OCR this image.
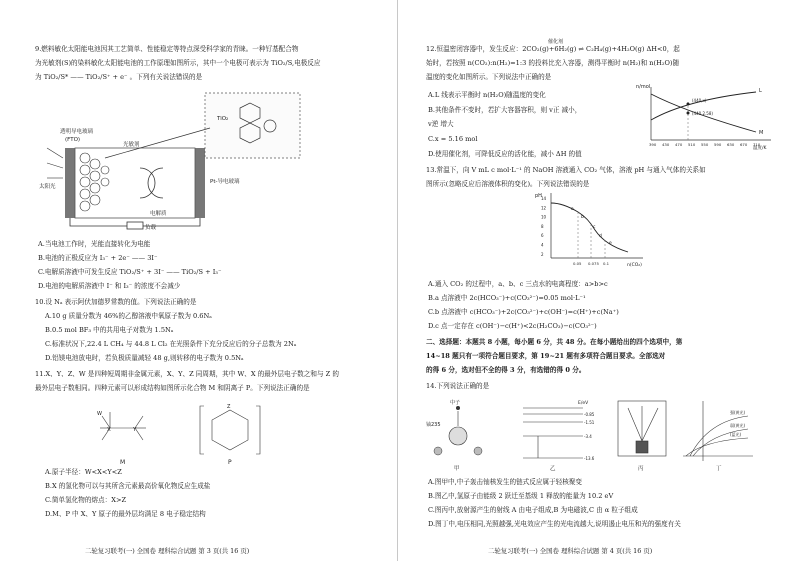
9.燃料敏化太阳能电池因其工艺简单、性能稳定等特点深受科学家的青睐。一种钌基配合物
为光敏剂(S)的染料敏化太阳能电池的工作原理如图所示，其中一个电极可表示为 TiO₂/S,电极反应
为 TiO₂/S* —— TiO₂/S⁺ + e⁻ 。下列有关说法错误的是
透明导电玻璃
(FTO)
光敏剂
太阳光
TiO₂
电解质
Pt-导电玻璃
负载
A.当电池工作时，光能直接转化为电能
B.电池的正极反应为 I₃⁻ + 2e⁻ —— 3I⁻
C.电解质溶液中可发生反应 TiO₂/S⁺ + 3I⁻ —— TiO₂/S + I₃⁻
D.电池的电解质溶液中 I⁻ 和 I₃⁻ 的浓度不会减少
10.设 Nₐ 表示阿伏加德罗常数的值。下列说法正确的是
A.10 g 质量分数为 46%的乙醇溶液中氧原子数为 0.6Nₐ
B.0.5 mol BF₃ 中的共用电子对数为 1.5Nₐ
C.标准状况下,22.4 L CH₄ 与 44.8 L Cl₂ 在光照条件下充分反应后的分子总数为 2Nₐ
D.铝镁电池放电时，若负极质量减轻 48 g,则转移的电子数为 0.5Nₐ
11.X、Y、Z、W 是四种短周期非金属元素，X、Y、Z 同周期，其中 W、X 的最外层电子数之和与 Z 的
最外层电子数相同。四种元素可以形成结构如图所示化合物 M 和阴离子 P。下列说法正确的是
X	Y
W
Z
M	P
A.原子半径：W<X<Y<Z
B.X 的氢化物可以与其所含元素最高价氧化物反应生成盐
C.简单氢化物的熔点：X>Z
D.M、P 中 X、Y 原子的最外层均满足 8 电子稳定结构
二轮复习联考(一) 全国卷 理科综合试题 第 3 页(共 16 页)
12.恒温密闭容器中，发生反应：2CO₂(g)+6H₂(g) ⇌ C₂H₄(g)+4H₂O(g) ΔH<0，起
催化剂
始时，若按照 n(CO₂):n(H₂)=1:3 的投料比充入容器，测得平衡时 n(H₂)和 n(H₂O)随
温度的变化如图所示。下列说法中正确的是
A.L 线表示平衡时 n(H₂O)随温度的变化
B.其他条件不变时，若扩大容器容积，则 v正 减小，
v逆 增大
C.x = 5.16 mol
D.使用催化剂，可降低反应的活化能，减小 ΔH 的值
n/mol
温度/K
L
M
(440,x)
(440,2.58)
390 430 470 510 550 590 630 670 710
13.常温下，向 V mL c mol·L⁻¹ 的 NaOH 溶液通入 CO₂ 气体，溶液 pH 与通入气体的关系如
图所示(忽略反应后溶液体积的变化)。下列说法错误的是
pH
n(CO₂)
14
12
10
8
6
4
2
0.05 0.075 0.1
a
b
c
d
e
A.通入 CO₂ 的过程中，a、b、c 三点水的电离程度：a>b>c
B.a 点溶液中 2c(HCO₃⁻)+c(CO₃²⁻)=0.05 mol·L⁻¹
C.b 点溶液中 c(HCO₃⁻)+2c(CO₃²⁻)+c(OH⁻)=c(H⁺)+c(Na⁺)
D.c 点一定存在 c(OH⁻)−c(H⁺)<2c(H₂CO₃)−c(CO₃²⁻)
二、选择题：本题共 8 小题，每小题 6 分，共 48 分。在每小题给出的四个选项中，第
14~18 题只有一项符合题目要求，第 19~21 题有多项符合题目要求。全部选对
的得 6 分，选对但不全的得 3 分，有选错的得 0 分。
14.下列说法正确的是
中子
铀235
甲
E/eV
-0.85
-1.51
-3.4
-13.6
乙	丙
强(黄光)
弱(黄光)
(蓝光)
丁
A.图甲中,中子轰击铀核发生的链式反应属于轻核聚变
B.图乙中,氢原子由能级 2 跃迁至基级 1 释放的能量为 10.2 eV
C.图丙中,放射源产生的射线 A 由电子组成,B 为电磁波,C 由 α 粒子组成
D.图丁中,电压相同,光照越强,光电效应产生的光电流越大,说明遏止电压和光的强度有关
二轮复习联考(一) 全国卷 理科综合试题 第 4 页(共 16 页)
